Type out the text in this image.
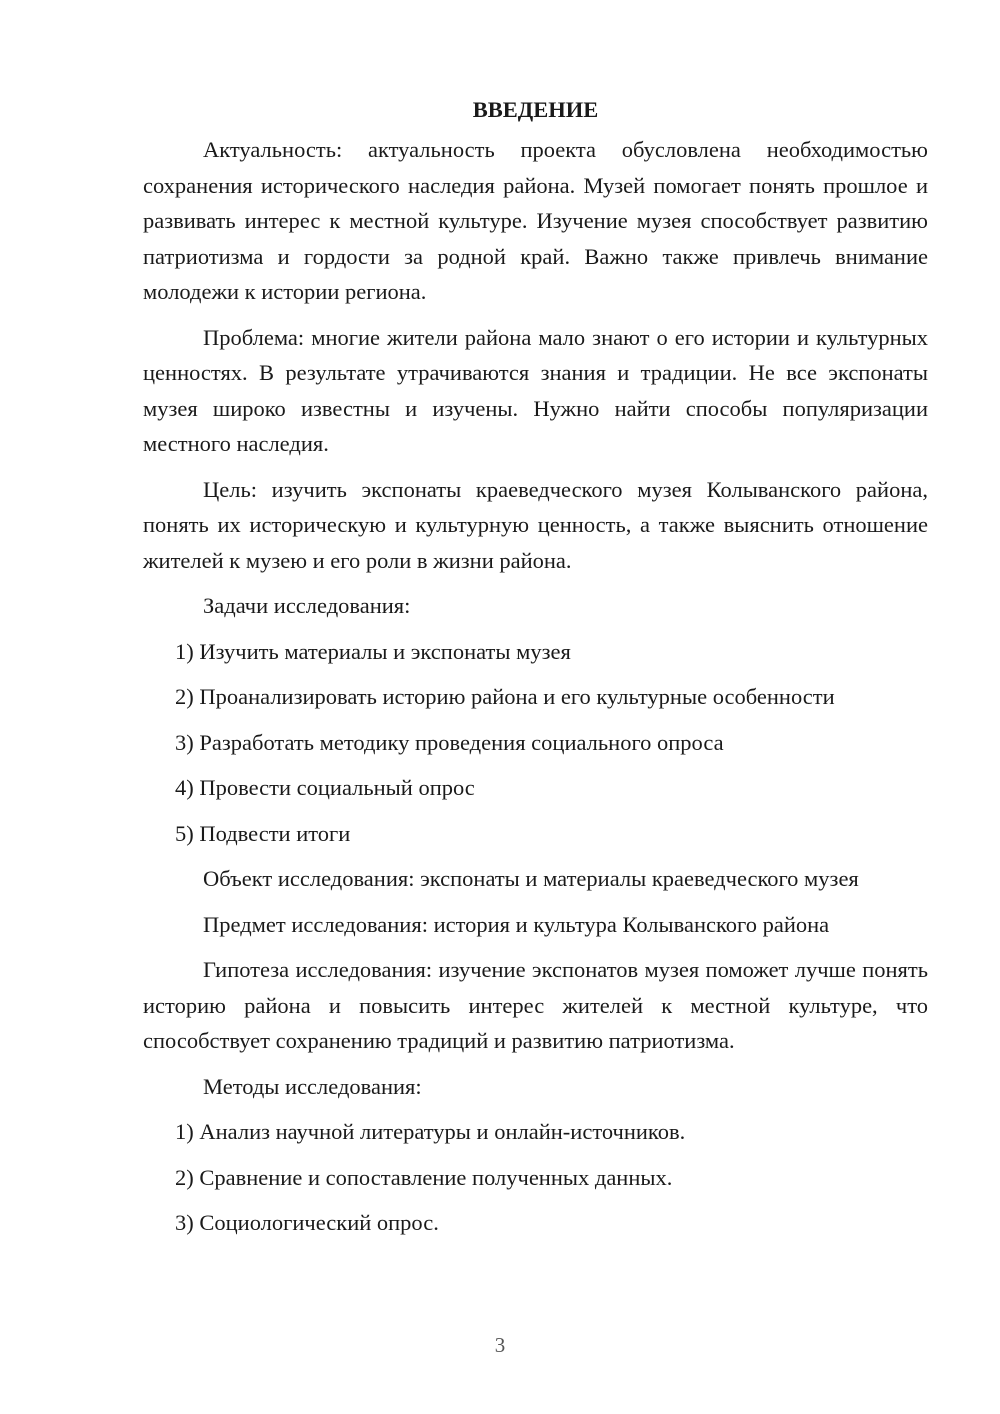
ВВЕДЕНИЕ

Актуальность: актуальность проекта обусловлена необходимостью сохранения исторического наследия района. Музей помогает понять прошлое и развивать интерес к местной культуре. Изучение музея способствует развитию патриотизма и гордости за родной край. Важно также привлечь внимание молодежи к истории региона.

Проблема: многие жители района мало знают о его истории и культурных ценностях. В результате утрачиваются знания и традиции. Не все экспонаты музея широко известны и изучены. Нужно найти способы популяризации местного наследия.

Цель: изучить экспонаты краеведческого музея Колыванского района, понять их историческую и культурную ценность, а также выяснить отношение жителей к музею и его роли в жизни района.

Задачи исследования:
1) Изучить материалы и экспонаты музея
2) Проанализировать историю района и его культурные особенности
3) Разработать методику проведения социального опроса
4) Провести социальный опрос
5) Подвести итоги

Объект исследования: экспонаты и материалы краеведческого музея

Предмет исследования: история и культура Колыванского района

Гипотеза исследования: изучение экспонатов музея поможет лучше понять историю района и повысить интерес жителей к местной культуре, что способствует сохранению традиций и развитию патриотизма.

Методы исследования:
1) Анализ научной литературы и онлайн-источников.
2) Сравнение и сопоставление полученных данных.
3) Социологический опрос.
3
